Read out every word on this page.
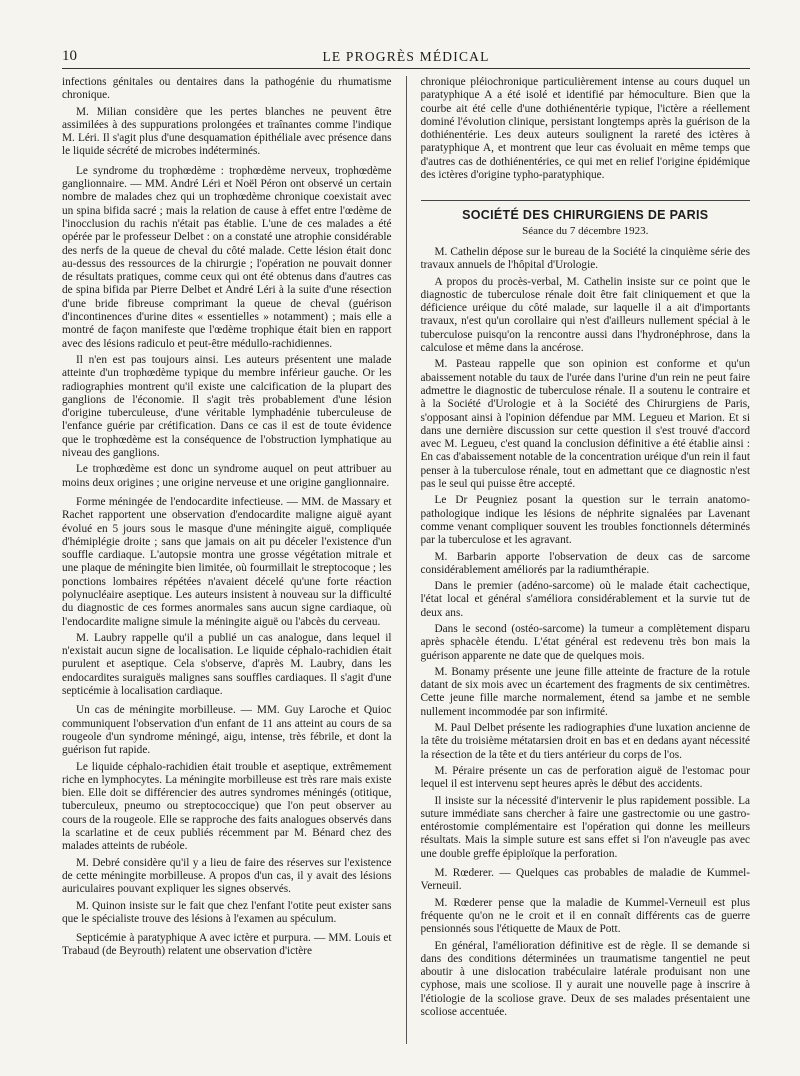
10	LE PROGRÈS MÉDICAL

infections génitales ou dentaires dans la pathogénie du rhumatisme chronique.

M. Milian considère que les pertes blanches ne peuvent être assimilées à des suppurations prolongées et traînantes comme l'indique M. Léri. Il s'agit plus d'une desquamation épithéliale avec présence dans le liquide sécrété de microbes indéterminés.

Le syndrome du trophœdème : trophœdème nerveux, trophœdème ganglionnaire. — MM. André Léri et Noël Péron ont observé un certain nombre de malades chez qui un trophœdème chronique coexistait avec un spina bifida sacré ; mais la relation de cause à effet entre l'œdème de l'inocclusion du rachis n'était pas établie. L'une de ces malades a été opérée par le professeur Delbet : on a constaté une atrophie considérable des nerfs de la queue de cheval du côté malade. Cette lésion était donc au-dessus des ressources de la chirurgie ; l'opération ne pouvait donner de résultats pratiques, comme ceux qui ont été obtenus dans d'autres cas de spina bifida par Pierre Delbet et André Léri à la suite d'une résection d'une bride fibreuse comprimant la queue de cheval (guérison d'incontinences d'urine dites « essentielles » notamment) ; mais elle a montré de façon manifeste que l'œdème trophique était bien en rapport avec des lésions radiculo et peut-être médullo-rachidiennes.

Il n'en est pas toujours ainsi. Les auteurs présentent une malade atteinte d'un trophœdème typique du membre inférieur gauche. Or les radiographies montrent qu'il existe une calcification de la plupart des ganglions de l'économie. Il s'agit très probablement d'une lésion d'origine tuberculeuse, d'une véritable lymphadénie tuberculeuse de l'enfance guérie par crétification. Dans ce cas il est de toute évidence que le trophœdème est la conséquence de l'obstruction lymphatique au niveau des ganglions.

Le trophœdème est donc un syndrome auquel on peut attribuer au moins deux origines ; une origine nerveuse et une origine ganglionnaire.

Forme méningée de l'endocardite infectieuse. — MM. de Massary et Rachet rapportent une observation d'endocardite maligne aiguë ayant évolué en 5 jours sous le masque d'une méningite aiguë, compliquée d'hémiplégie droite ; sans que jamais on ait pu déceler l'existence d'un souffle cardiaque. L'autopsie montra une grosse végétation mitrale et une plaque de méningite bien limitée, où fourmillait le streptocoque ; les ponctions lombaires répétées n'avaient décelé qu'une forte réaction polynucléaire aseptique. Les auteurs insistent à nouveau sur la difficulté du diagnostic de ces formes anormales sans aucun signe cardiaque, où l'endocardite maligne simule la méningite aiguë ou l'abcès du cerveau.

M. Laubry rappelle qu'il a publié un cas analogue, dans lequel il n'existait aucun signe de localisation. Le liquide céphalo-rachidien était purulent et aseptique. Cela s'observe, d'après M. Laubry, dans les endocardites suraiguës malignes sans souffles cardiaques. Il s'agit d'une septicémie à localisation cardiaque.

Un cas de méningite morbilleuse. — MM. Guy Laroche et Quioc communiquent l'observation d'un enfant de 11 ans atteint au cours de sa rougeole d'un syndrome méningé, aigu, intense, très fébrile, et dont la guérison fut rapide.

Le liquide céphalo-rachidien était trouble et aseptique, extrêmement riche en lymphocytes. La méningite morbilleuse est très rare mais existe bien. Elle doit se différencier des autres syndromes méningés (otitique, tuberculeux, pneumo ou streptococcique) que l'on peut observer au cours de la rougeole. Elle se rapproche des faits analogues observés dans la scarlatine et de ceux publiés récemment par M. Bénard chez des malades atteints de rubéole.

M. Debré considère qu'il y a lieu de faire des réserves sur l'existence de cette méningite morbilleuse. A propos d'un cas, il y avait des lésions auriculaires pouvant expliquer les signes observés.

M. Quinon insiste sur le fait que chez l'enfant l'otite peut exister sans que le spécialiste trouve des lésions à l'examen au spéculum.

Septicémie à paratyphique A avec ictère et purpura. — MM. Louis et Trabaud (de Beyrouth) relatent une observation d'ictère

chronique pléiochronique particulièrement intense au cours duquel un paratyphique A a été isolé et identifié par hémoculture. Bien que la courbe ait été celle d'une dothiénentérie typique, l'ictère a réellement dominé l'évolution clinique, persistant longtemps après la guérison de la dothiénentérie. Les deux auteurs soulignent la rareté des ictères à paratyphique A, et montrent que leur cas évoluait en même temps que d'autres cas de dothiénentéries, ce qui met en relief l'origine épidémique des ictères d'origine typho-paratyphique.

SOCIÉTÉ DES CHIRURGIENS DE PARIS
Séance du 7 décembre 1923.

M. Cathelin dépose sur le bureau de la Société la cinquième série des travaux annuels de l'hôpital d'Urologie.

A propos du procès-verbal, M. Cathelin insiste sur ce point que le diagnostic de tuberculose rénale doit être fait cliniquement et que la déficience uréique du côté malade, sur laquelle il a ait d'importants travaux, n'est qu'un corollaire qui n'est d'ailleurs nullement spécial à le tuberculose puisqu'on la rencontre aussi dans l'hydronéphrose, dans la calculose et même dans la ancérose.

M. Pasteau rappelle que son opinion est conforme et qu'un abaissement notable du taux de l'urée dans l'urine d'un rein ne peut faire admettre le diagnostic de tuberculose rénale. Il a soutenu le contraire et à la Société d'Urologie et à la Société des Chirurgiens de Paris, s'opposant ainsi à l'opinion défendue par MM. Legueu et Marion. Et si dans une dernière discussion sur cette question il s'est trouvé d'accord avec M. Legueu, c'est quand la conclusion définitive a été établie ainsi : En cas d'abaissement notable de la concentration uréique d'un rein il faut penser à la tuberculose rénale, tout en admettant que ce diagnostic n'est pas le seul qui puisse être accepté.

Le Dr Peugniez posant la question sur le terrain anatomo-pathologique indique les lésions de néphrite signalées par Lavenant comme venant compliquer souvent les troubles fonctionnels déterminés par la tuberculose et les agravant.

M. Barbarin apporte l'observation de deux cas de sarcome considérablement améliorés par la radiumthérapie.

Dans le premier (adéno-sarcome) où le malade était cachectique, l'état local et général s'améliora considérablement et la survie tut de deux ans.

Dans le second (ostéo-sarcome) la tumeur a complètement disparu après sphacèle étendu. L'état général est redevenu très bon mais la guérison apparente ne date que de quelques mois.

M. Bonamy présente une jeune fille atteinte de fracture de la rotule datant de six mois avec un écartement des fragments de six centimètres. Cette jeune fille marche normalement, étend sa jambe et ne semble nullement incommodée par son infirmité.

M. Paul Delbet présente les radiographies d'une luxation ancienne de la tête du troisième métatarsien droit en bas et en dedans ayant nécessité la résection de la tête et du tiers antérieur du corps de l'os.

M. Péraire présente un cas de perforation aiguë de l'estomac pour lequel il est intervenu sept heures après le début des accidents.

Il insiste sur la nécessité d'intervenir le plus rapidement possible. La suture immédiate sans chercher à faire une gastrectomie ou une gastro-entérostomie complémentaire est l'opération qui donne les meilleurs résultats. Mais la simple suture est sans effet si l'on n'aveugle pas avec une double greffe épiploïque la perforation.

M. Rœderer. — Quelques cas probables de maladie de Kummel-Verneuil.

M. Rœderer pense que la maladie de Kummel-Verneuil est plus fréquente qu'on ne le croit et il en connaît différents cas de guerre pensionnés sous l'étiquette de Maux de Pott.

En général, l'amélioration définitive est de règle. Il se demande si dans des conditions déterminées un traumatisme tangentiel ne peut aboutir à une dislocation trabéculaire latérale produisant non une cyphose, mais une scoliose. Il y aurait une nouvelle page à inscrire à l'étiologie de la scoliose grave. Deux de ses malades présentaient une scoliose accentuée.
